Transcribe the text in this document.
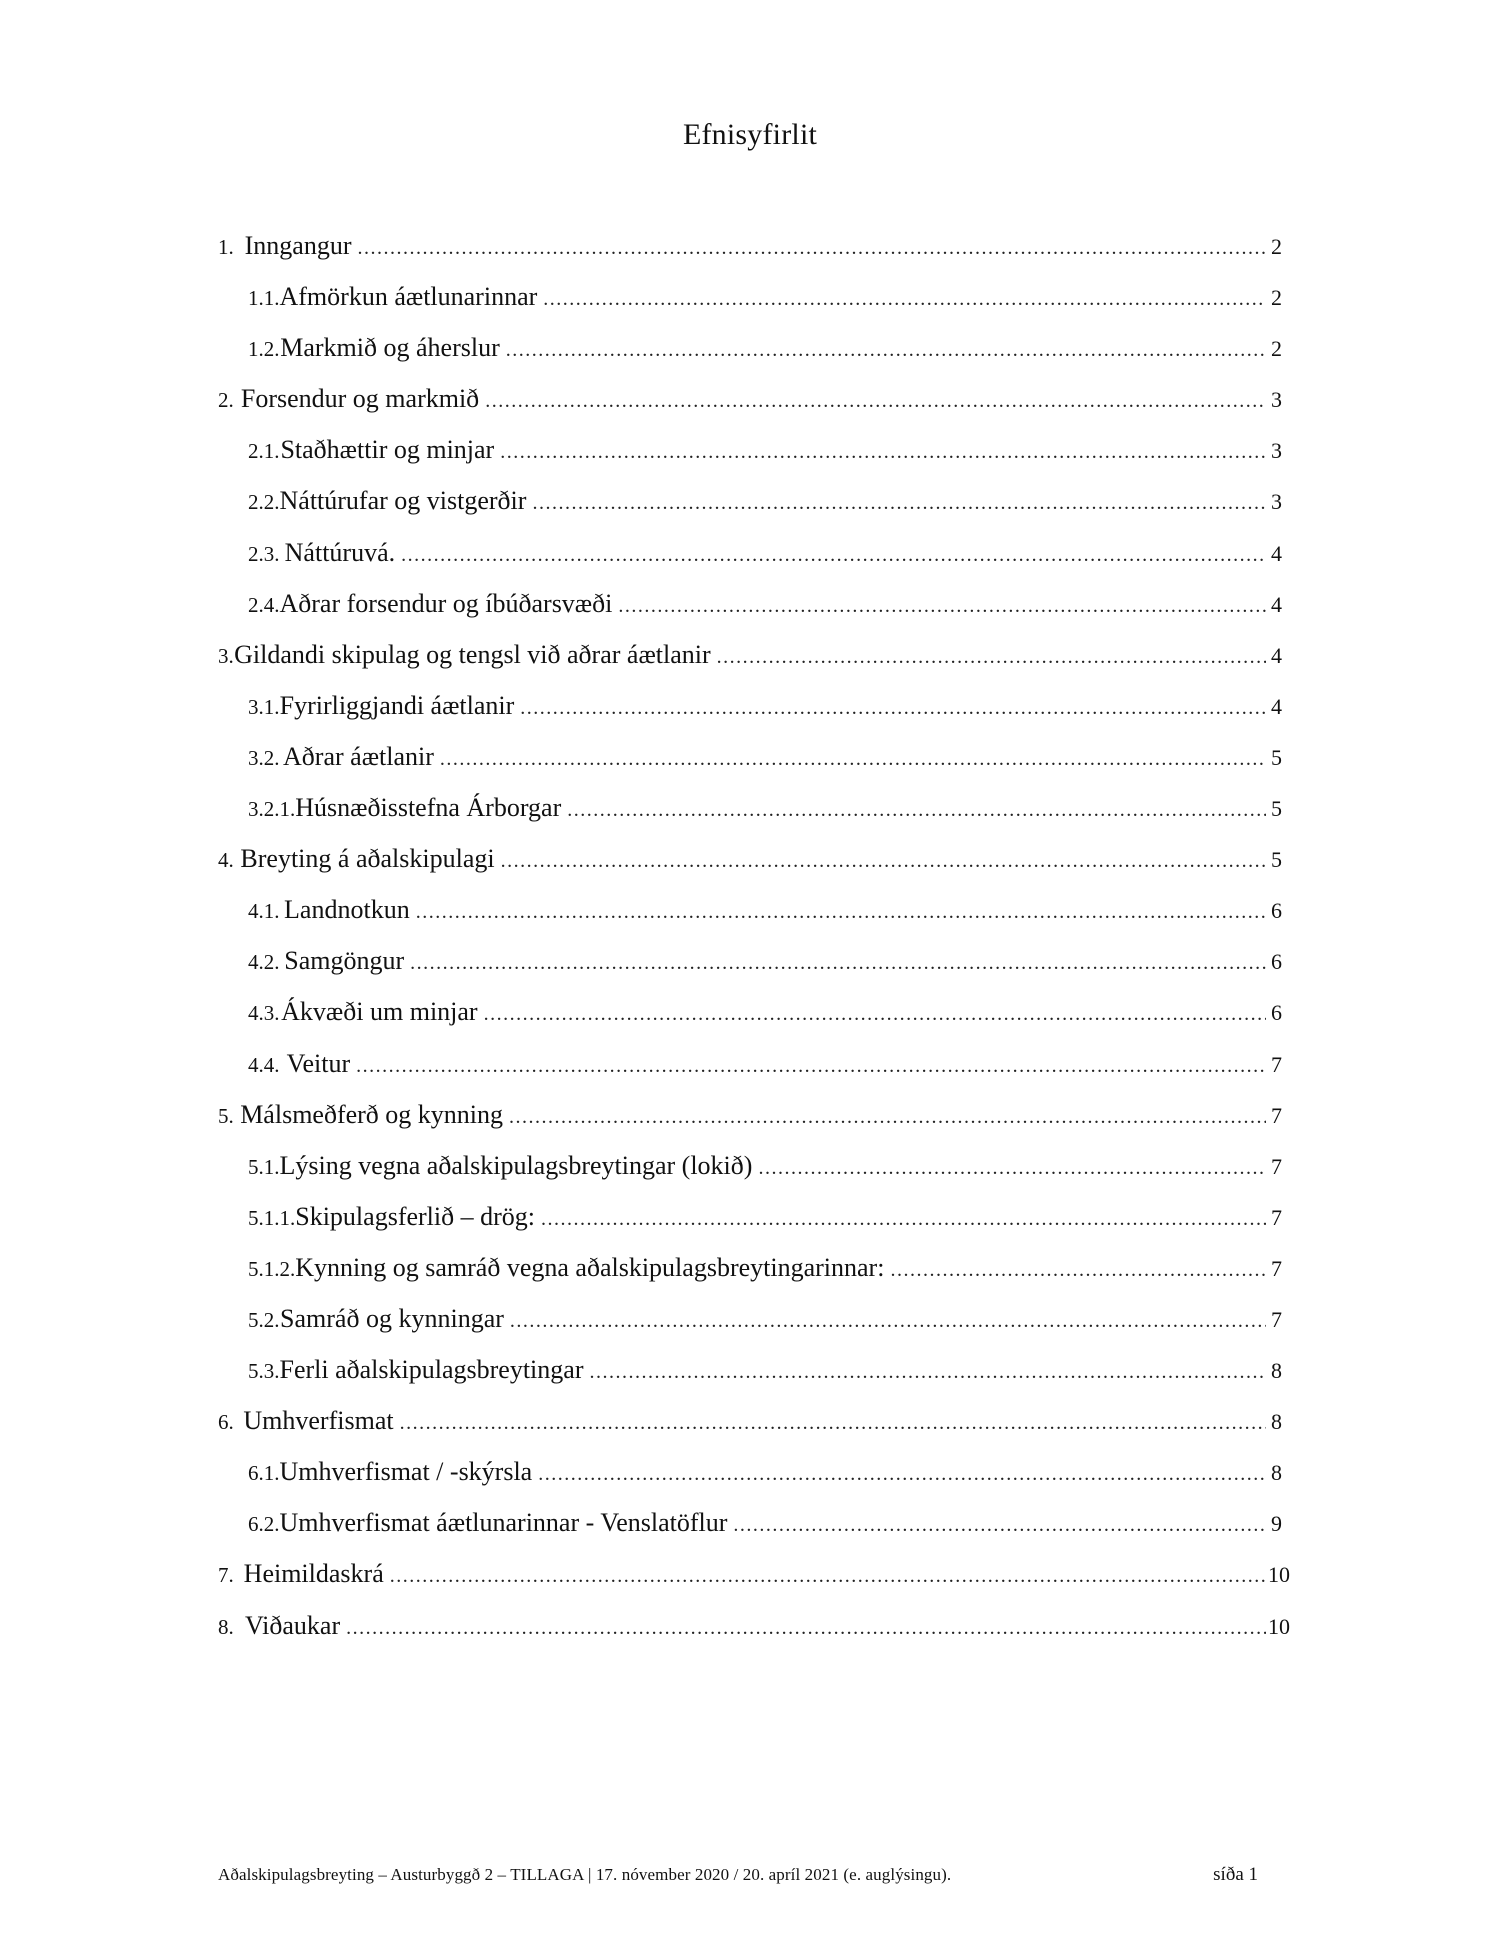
Efnisyfirlit
1. Inngangur .....	2
1.1. Afmörkun áætlunarinnar .....	2
1.2. Markmið og áherslur .....	2
2. Forsendur og markmið .....	3
2.1. Staðhættir og minjar .....	3
2.2. Náttúrufar og vistgerðir .....	3
2.3. Náttúruvá. .....	4
2.4. Aðrar forsendur og íbúðarsvæði .....	4
3. Gildandi skipulag og tengsl við aðrar áætlanir .....	4
3.1. Fyrirliggjandi áætlanir .....	4
3.2. Aðrar áætlanir .....	5
3.2.1. Húsnæðisstefna Árborgar .....	5
4. Breyting á aðalskipulagi .....	5
4.1. Landnotkun .....	6
4.2. Samgöngur .....	6
4.3. Ákvæði um minjar .....	6
4.4. Veitur .....	7
5. Málsmeðferð og kynning .....	7
5.1. Lýsing vegna aðalskipulagsbreytingar (lokið) .....	7
5.1.1. Skipulagsferlið – drög: .....	7
5.1.2. Kynning og samráð vegna aðalskipulagsbreytingarinnar: .....	7
5.2. Samráð og kynningar .....	7
5.3. Ferli aðalskipulagsbreytingar .....	8
6. Umhverfismat .....	8
6.1. Umhverfismat / -skýrsla .....	8
6.2. Umhverfismat áætlunarinnar - Venslatöflur .....	9
7. Heimildaskrá .....	10
8. Viðaukar .....	10
Aðalskipulagsbreyting – Austurbyggð 2 – TILLAGA | 17. nóvember 2020 / 20. apríl 2021 (e. auglýsingu).	síða 1
